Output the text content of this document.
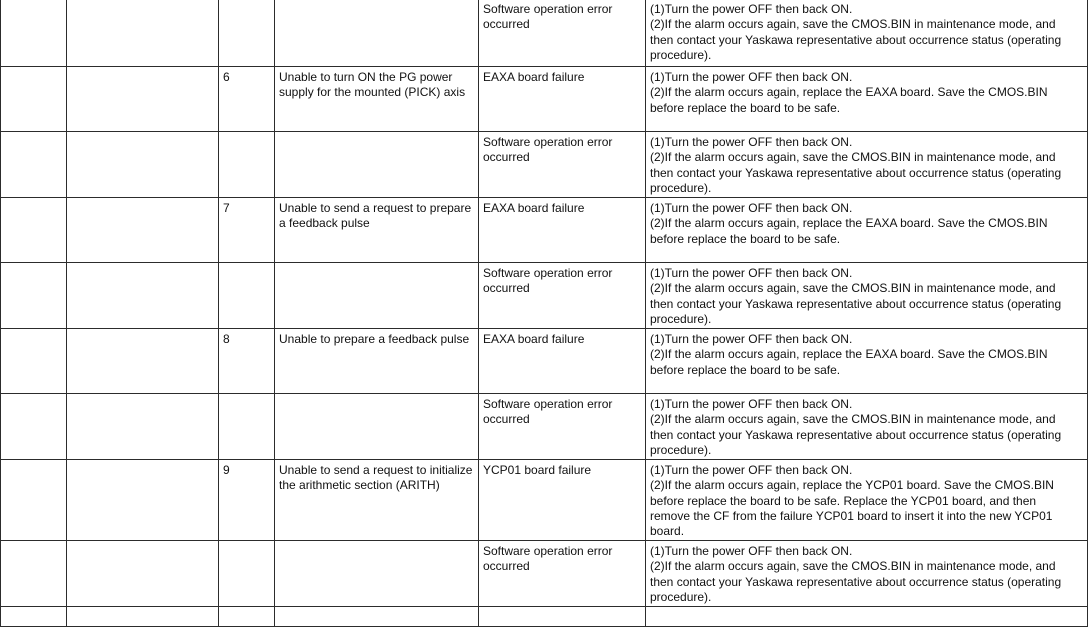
				Software operation error occurred	(1)Turn the power OFF then back ON.
(2)If the alarm occurs again, save the CMOS.BIN in maintenance mode, and
then contact your Yaskawa representative about occurrence status (operating
procedure).

		6	Unable to turn ON the PG power supply for the mounted (PICK) axis	EAXA board failure	(1)Turn the power OFF then back ON.
(2)If the alarm occurs again, replace the EAXA board. Save the CMOS.BIN
before replace the board to be safe.

				Software operation error occurred	(1)Turn the power OFF then back ON.
(2)If the alarm occurs again, save the CMOS.BIN in maintenance mode, and
then contact your Yaskawa representative about occurrence status (operating
procedure).

		7	Unable to send a request to prepare a feedback pulse	EAXA board failure	(1)Turn the power OFF then back ON.
(2)If the alarm occurs again, replace the EAXA board. Save the CMOS.BIN
before replace the board to be safe.

				Software operation error occurred	(1)Turn the power OFF then back ON.
(2)If the alarm occurs again, save the CMOS.BIN in maintenance mode, and
then contact your Yaskawa representative about occurrence status (operating
procedure).

		8	Unable to prepare a feedback pulse	EAXA board failure	(1)Turn the power OFF then back ON.
(2)If the alarm occurs again, replace the EAXA board. Save the CMOS.BIN
before replace the board to be safe.

				Software operation error occurred	(1)Turn the power OFF then back ON.
(2)If the alarm occurs again, save the CMOS.BIN in maintenance mode, and
then contact your Yaskawa representative about occurrence status (operating
procedure).

		9	Unable to send a request to initialize the arithmetic section (ARITH)	YCP01 board failure	(1)Turn the power OFF then back ON.
(2)If the alarm occurs again, replace the YCP01 board. Save the CMOS.BIN
before replace the board to be safe. Replace the YCP01 board, and then
remove the CF from the failure YCP01 board to insert it into the new YCP01
board.

				Software operation error occurred	(1)Turn the power OFF then back ON.
(2)If the alarm occurs again, save the CMOS.BIN in maintenance mode, and
then contact your Yaskawa representative about occurrence status (operating
procedure).
